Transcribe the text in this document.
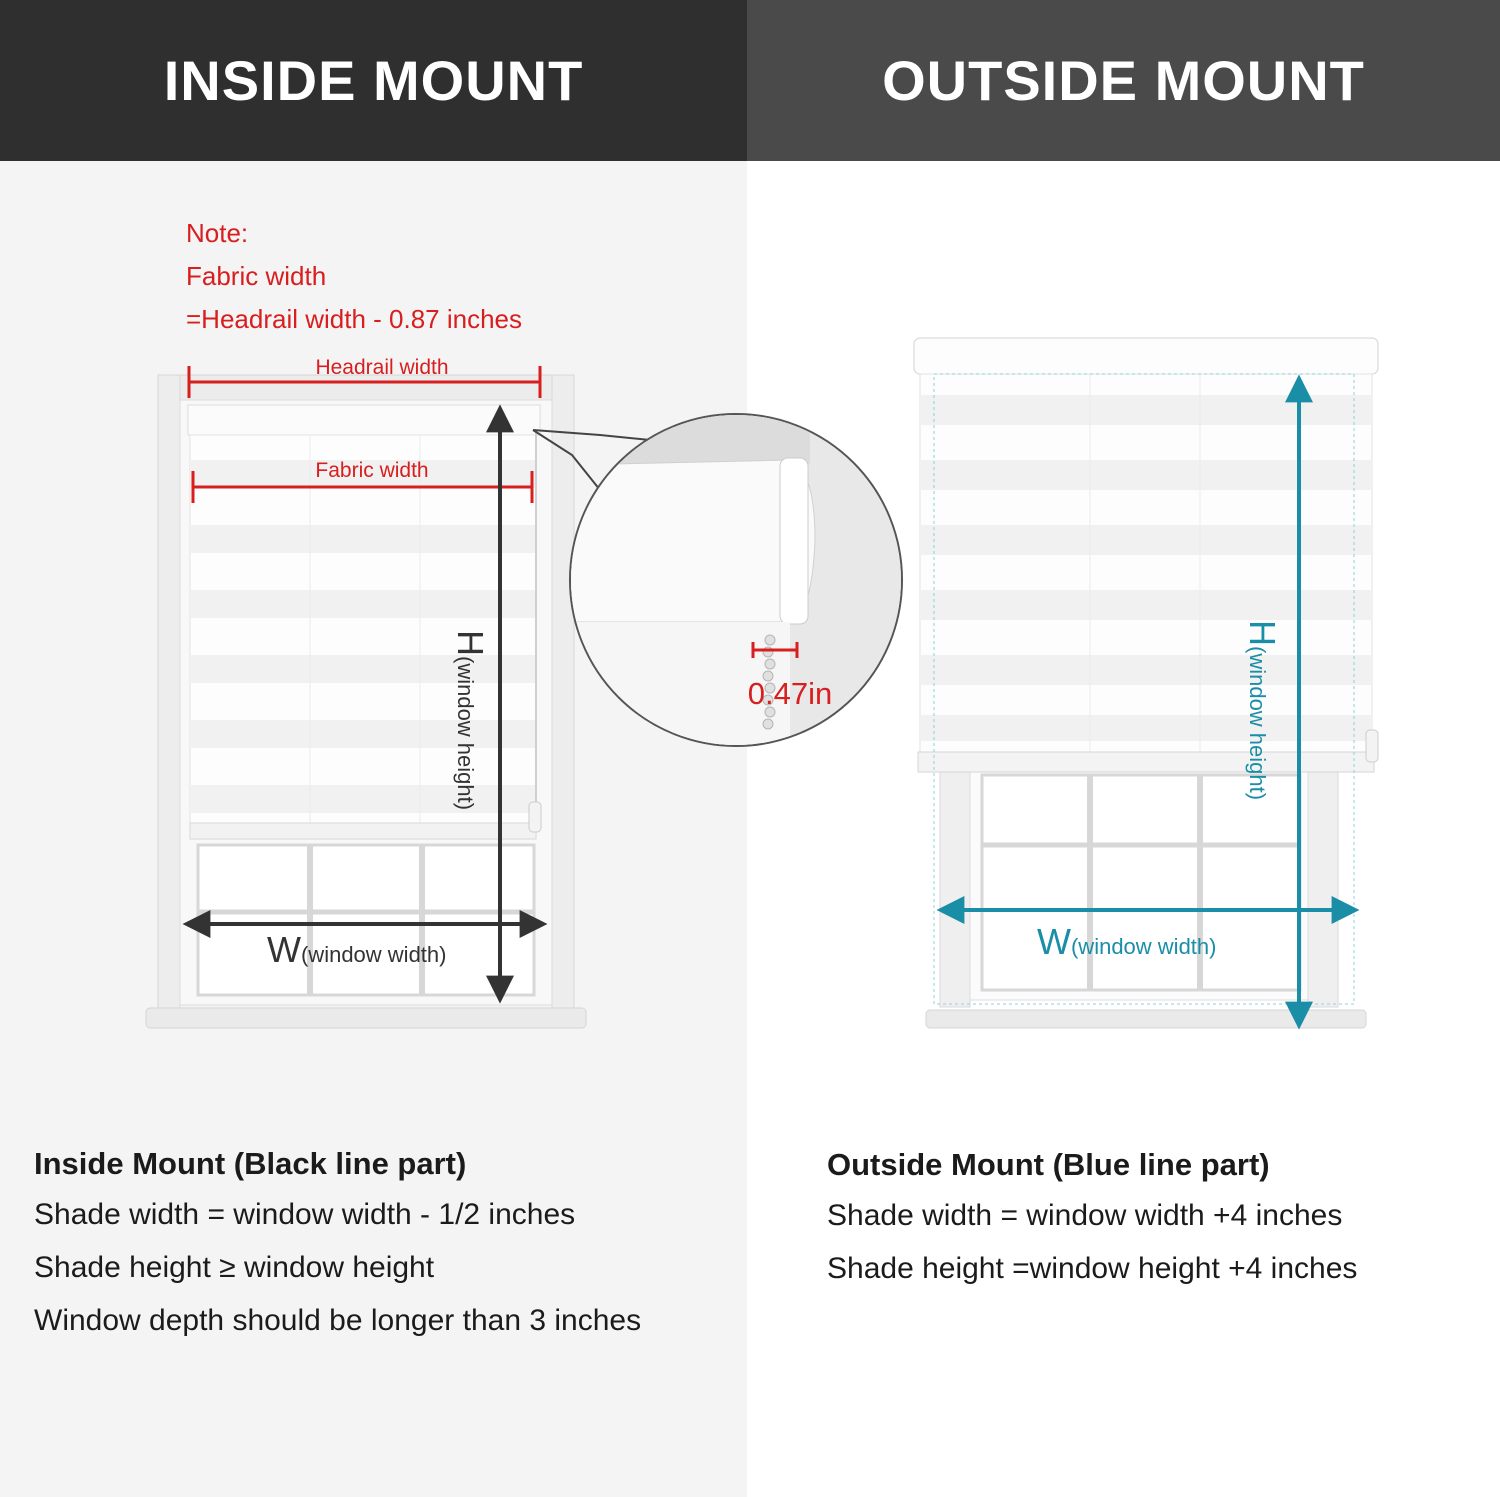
INSIDE MOUNT	OUTSIDE MOUNT
Headrail width
Fabric width
H(window height)
W(window width)
0.47in
H(window height)
W(window width)
Note:
Fabric width
=Headrail width - 0.87 inches
Inside Mount (Black line part)
Shade width = window width - 1/2 inches
Shade height ≥ window height
Window depth should be longer than 3 inches
Outside Mount (Blue line part)
Shade width = window width +4 inches
Shade height =window height +4 inches
